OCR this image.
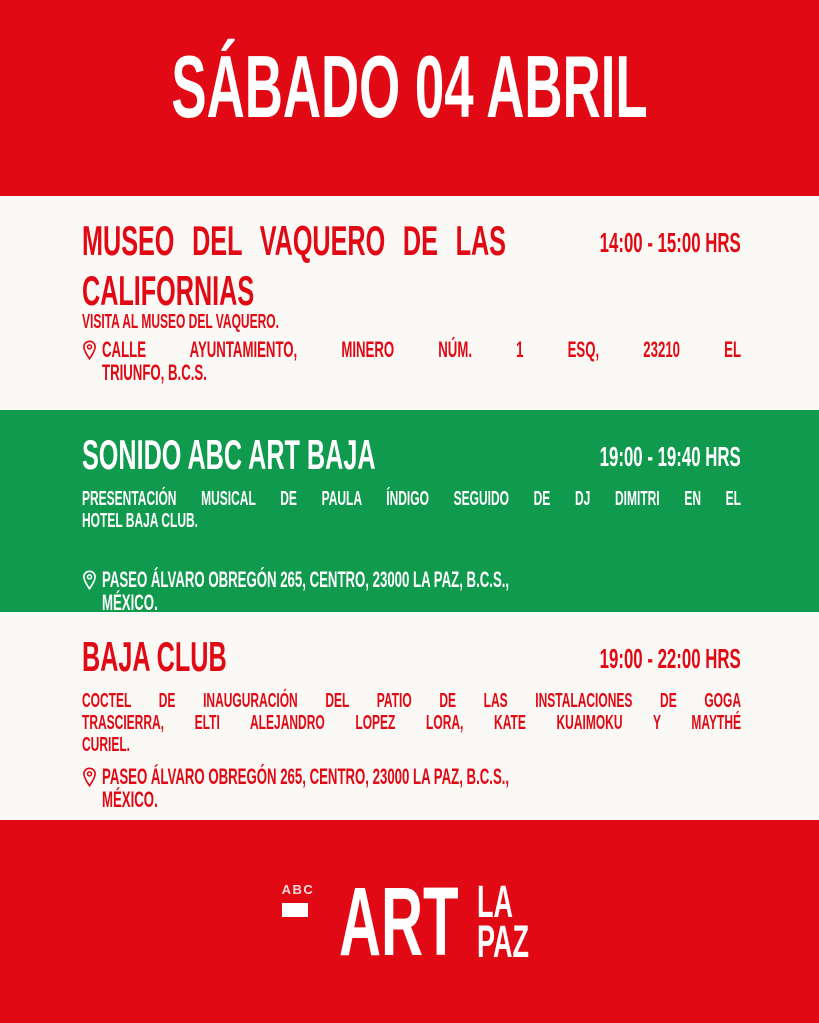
SÁBADO 04 ABRIL
MUSEO DEL VAQUERO DE LAS
CALIFORNIAS
14:00 - 15:00 HRS
VISITA AL MUSEO DEL VAQUERO.
CALLE AYUNTAMIENTO, MINERO NÚM. 1 ESQ, 23210 EL
TRIUNFO, B.C.S.
SONIDO ABC ART BAJA	19:00 - 19:40 HRS
PRESENTACIÓN MUSICAL DE PAULA ÍNDIGO SEGUIDO DE DJ DIMITRI EN EL
HOTEL BAJA CLUB.
PASEO ÁLVARO OBREGÓN 265, CENTRO, 23000 LA PAZ, B.C.S.,
MÉXICO.
BAJA CLUB	19:00 - 22:00 HRS
COCTEL DE INAUGURACIÓN DEL PATIO DE LAS INSTALACIONES DE GOGA
TRASCIERRA, ELTI ALEJANDRO LOPEZ LORA, KATE KUAIMOKU Y MAYTHÉ
CURIEL.
PASEO ÁLVARO OBREGÓN 265, CENTRO, 23000 LA PAZ, B.C.S.,
MÉXICO.
ABC ART LA
PAZ
